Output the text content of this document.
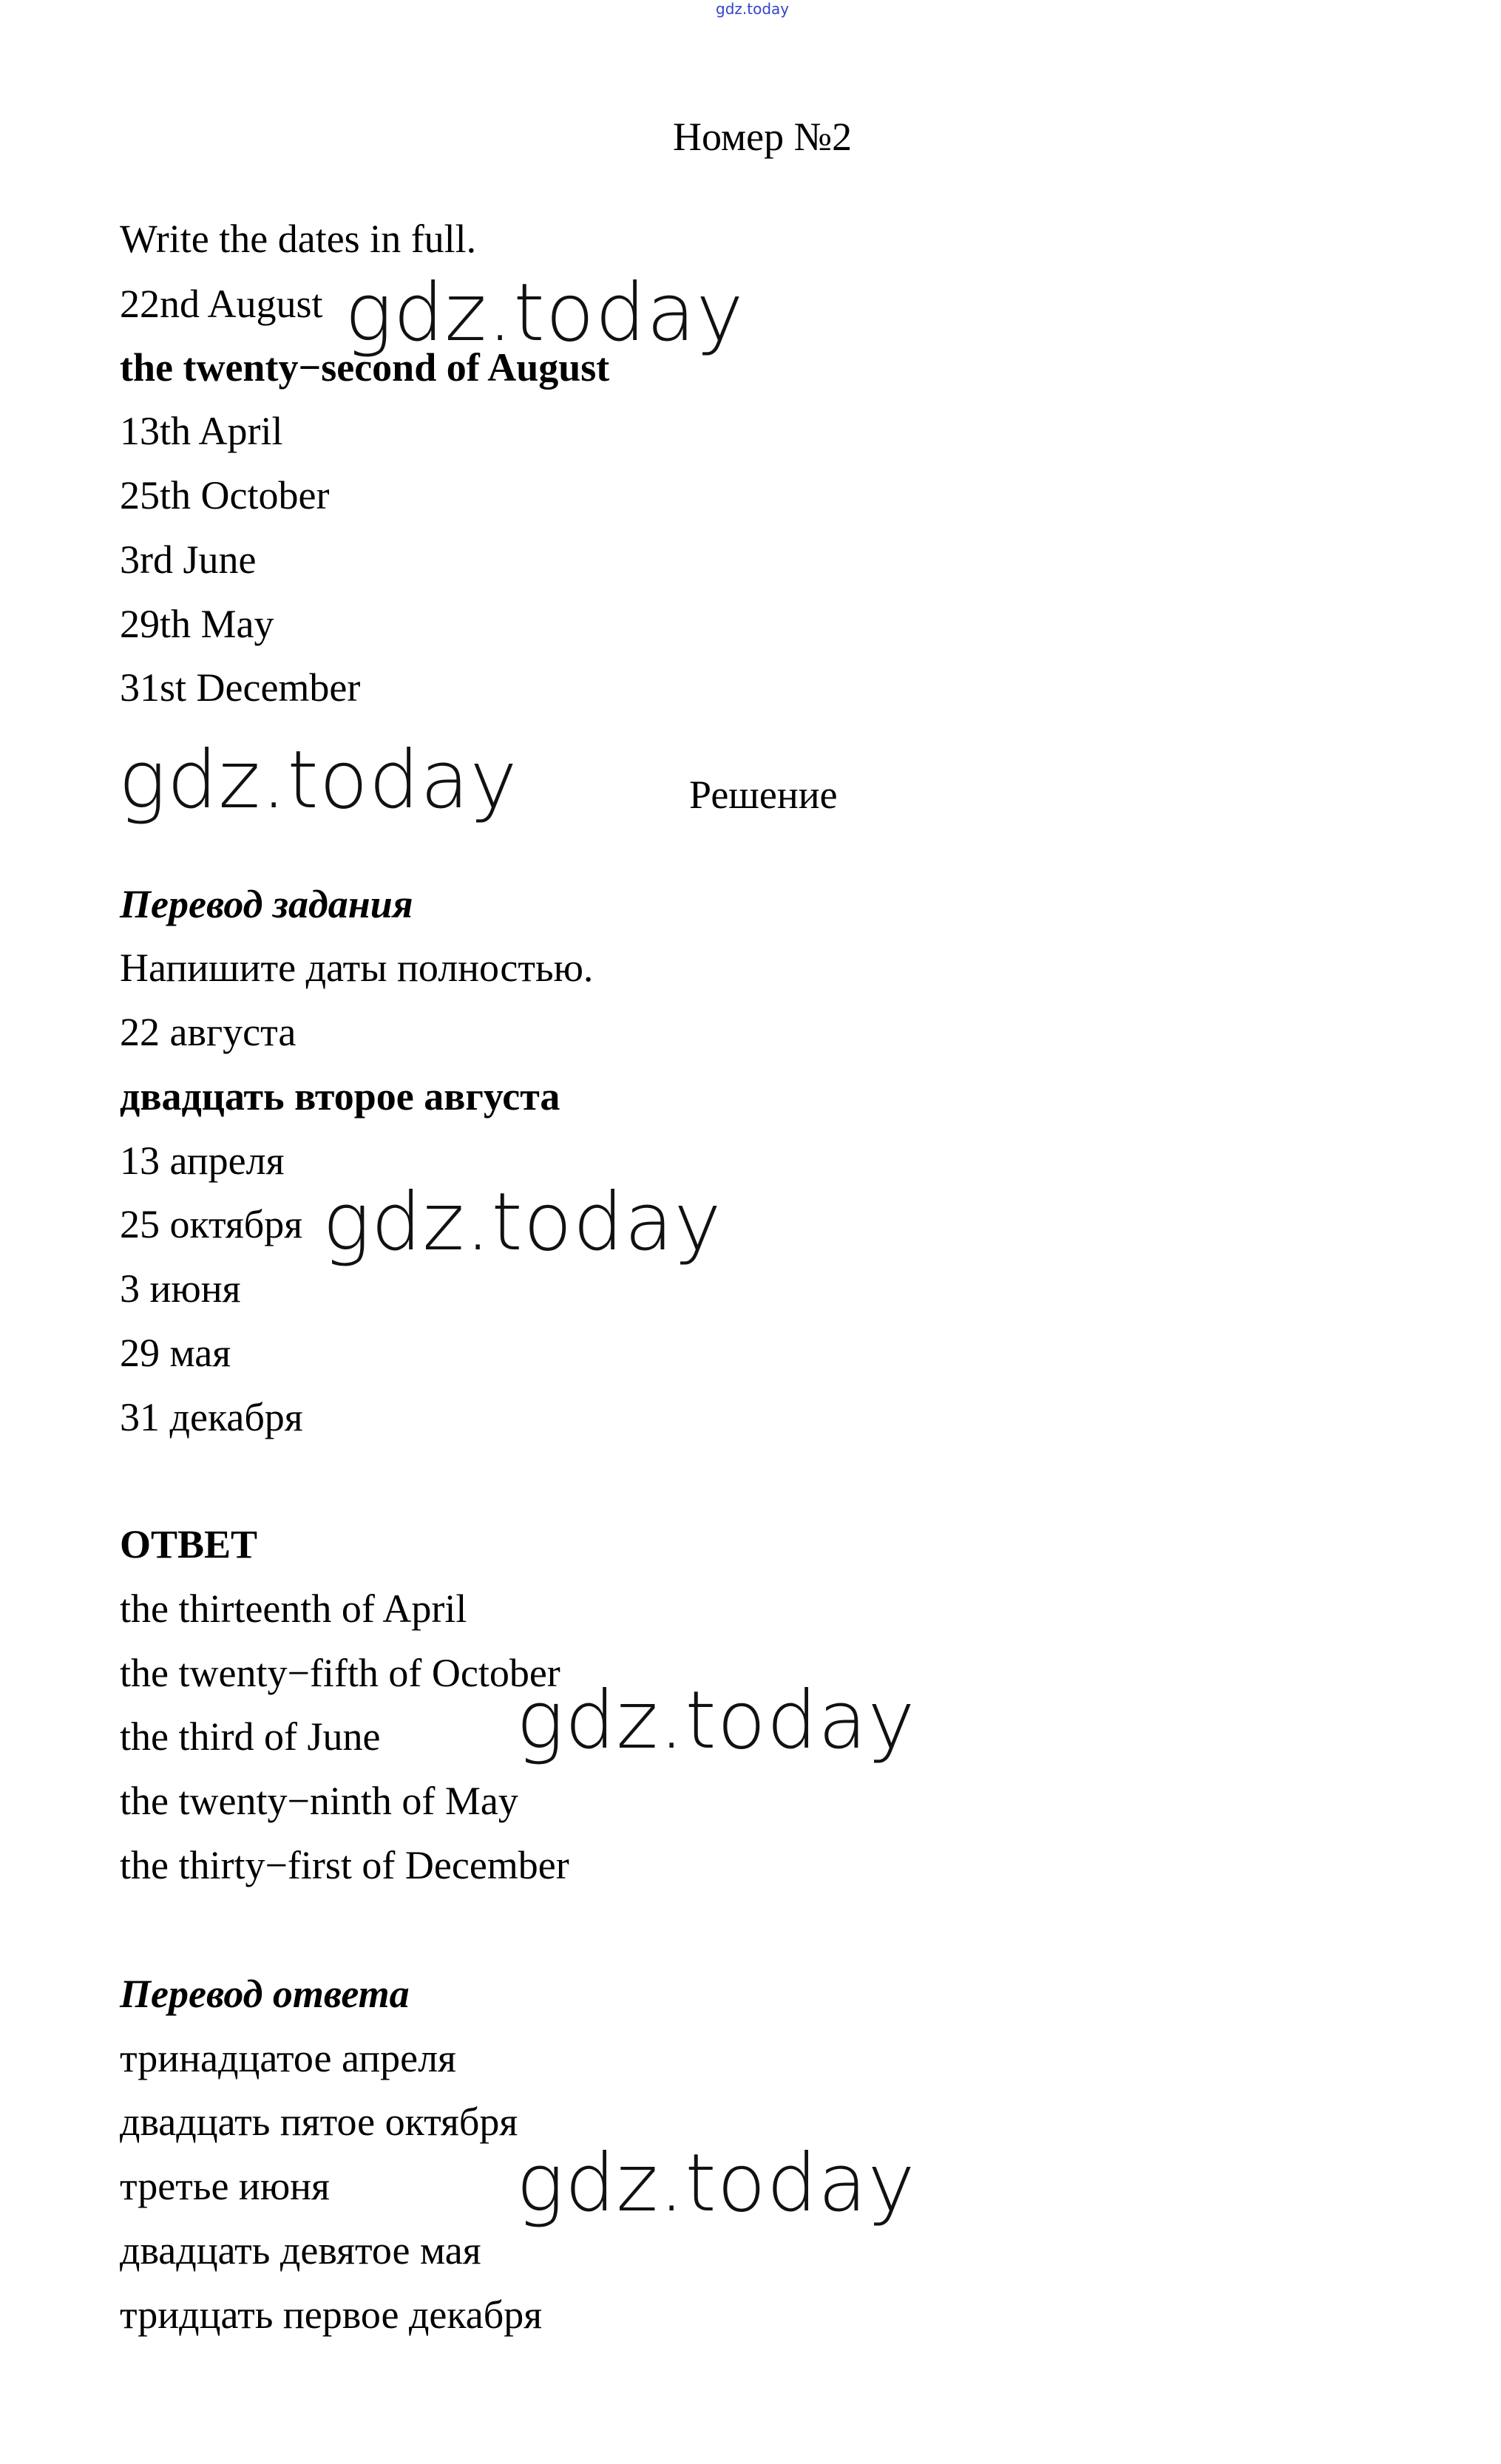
gdz.today
Номер №2
Write the dates in full.
22nd August
the twenty−second of August
13th April
25th October
3rd June
29th May
31st December
Решение
Перевод задания
Напишите даты полностью.
22 августа
двадцать второе августа
13 апреля
25 октября
3 июня
29 мая
31 декабря
ОТВЕТ
the thirteenth of April
the twenty−fifth of October
the third of June
the twenty−ninth of May
the thirty−first of December
Перевод ответа
тринадцатое апреля
двадцать пятое октября
третье июня
двадцать девятое мая
тридцать первое декабря
gdz.today
gdz.today
gdz.today
gdz.today
gdz.today
